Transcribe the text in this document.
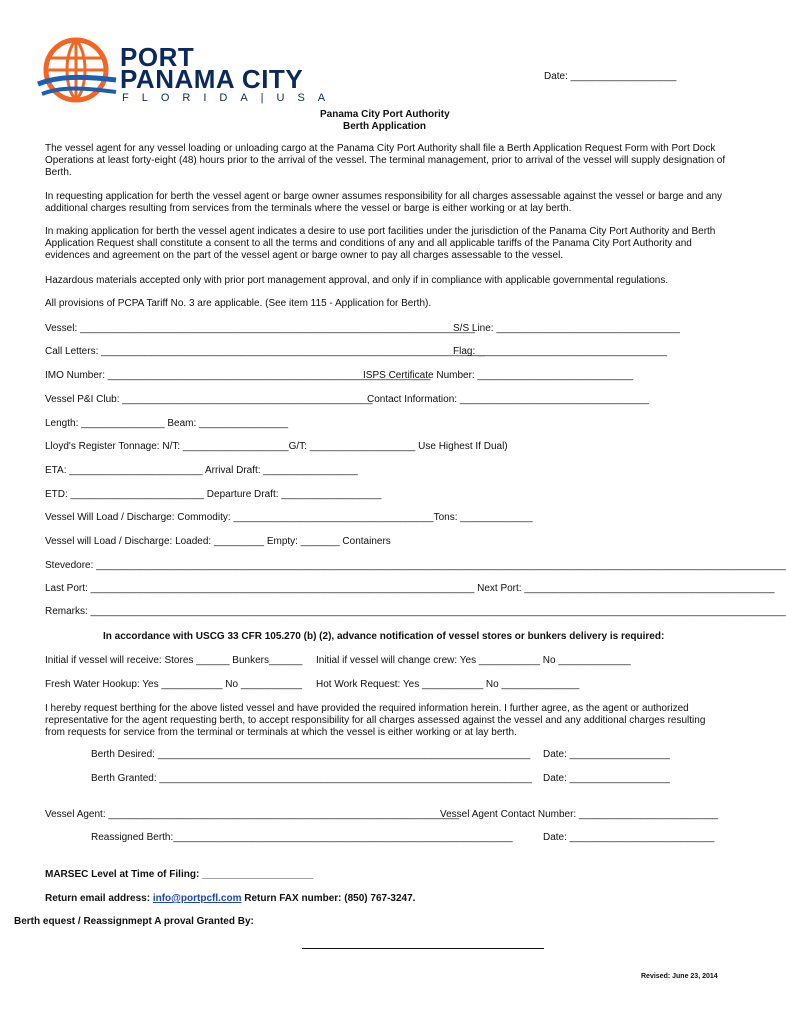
PORT
PANAMA CITY
FLORIDA|USA
Date: ___________________
Panama City Port Authority
Berth Application
The vessel agent for any vessel loading or unloading cargo at the Panama City Port Authority shall file a Berth Application Request Form with Port Dock Operations at least forty-eight (48) hours prior to the arrival of the vessel. The terminal management, prior to arrival of the vessel will supply designation of Berth.
In requesting application for berth the vessel agent or barge owner assumes responsibility for all charges assessable against the vessel or barge and any additional charges resulting from services from the terminals where the vessel or barge is either working or at lay berth.
In making application for berth the vessel agent indicates a desire to use port facilities under the jurisdiction of the Panama City Port Authority and Berth Application Request shall constitute a consent to all the terms and conditions of any and all applicable tariffs of the Panama City Port Authority and evidences and agreement on the part of the vessel agent or barge owner to pay all charges assessable to the vessel.
Hazardous materials accepted only with prior port management approval, and only if in compliance with applicable governmental regulations.
All provisions of PCPA Tariff No. 3 are applicable. (See item 115 - Application for Berth).
Vessel: _______________________________________________________________________
S/S Line: _________________________________
Call Letters: _____________________________________________________________________
Flag: __________________________________
IMO Number: __________________________________________________________
ISPS Certificate Number: ____________________________
Vessel P&I Club: _____________________________________________
Contact Information: __________________________________
Length: _______________ Beam: ________________
Lloyd's Register Tonnage: N/T: ___________________G/T: ___________________ Use Highest If Dual)
ETA: ________________________ Arrival Draft: _________________
ETD: ________________________ Departure Draft: __________________
Vessel Will Load / Discharge: Commodity: ____________________________________Tons: _____________
Vessel will Load / Discharge: Loaded: _________ Empty: _______ Containers
Stevedore: ____________________________________________________________________________________________________________________________
Last Port: _____________________________________________________________________ Next Port: _____________________________________________
Remarks: _____________________________________________________________________________________________________________________________
In accordance with USCG 33 CFR 105.270 (b) (2), advance notification of vessel stores or bunkers delivery is required:
Initial if vessel will receive: Stores ______ Bunkers______ Initial if vessel will change crew: Yes ___________ No _____________
Fresh Water Hookup: Yes ___________ No ___________ Hot Work Request: Yes ___________ No ______________
I hereby request berthing for the above listed vessel and have provided the required information herein. I further agree, as the agent or authorized representative for the agent requesting berth, to accept responsibility for all charges assessed against the vessel and any additional charges resulting from requests for service from the terminal or terminals at which the vessel is either working or at lay berth.
Berth Desired: ___________________________________________________________________ Date: __________________
Berth Granted: ___________________________________________________________________ Date: __________________
Vessel Agent: _______________________________________________________________
Vessel Agent Contact Number: _________________________
Reassigned Berth:_____________________________________________________________	Date: __________________________
MARSEC Level at Time of Filing: ____________________
Return email address: info@portpcfl.com Return FAX number: (850) 767-3247.
Berth equest / Reassignmept A proval Granted By:
Revised: June 23, 2014
